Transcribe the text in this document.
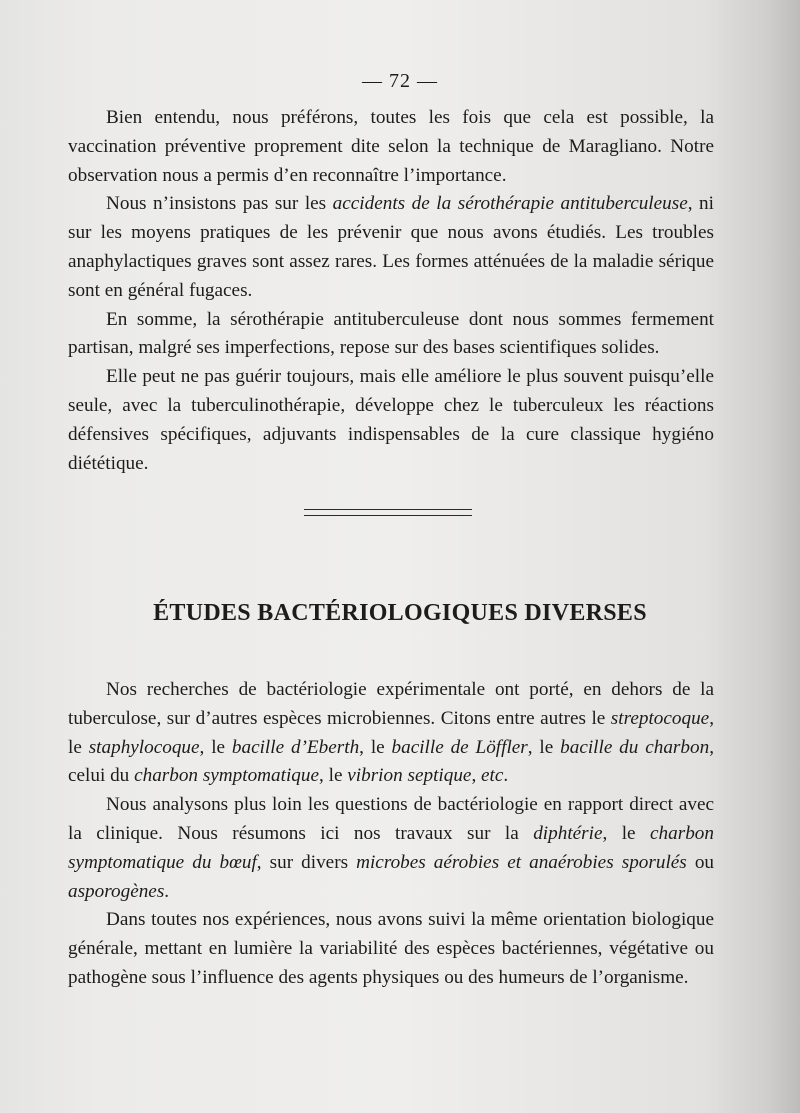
— 72 —

Bien entendu, nous préférons, toutes les fois que cela est possible, la vaccination préventive proprement dite selon la technique de Maragliano. Notre observation nous a permis d’en reconnaître l’importance.

Nous n’insistons pas sur les accidents de la sérothérapie antituberculeuse, ni sur les moyens pratiques de les prévenir que nous avons étudiés. Les troubles anaphylactiques graves sont assez rares. Les formes atténuées de la maladie sérique sont en général fugaces.

En somme, la sérothérapie antituberculeuse dont nous sommes fermement partisan, malgré ses imperfections, repose sur des bases scientifiques solides.

Elle peut ne pas guérir toujours, mais elle améliore le plus souvent puisqu’elle seule, avec la tuberculinothérapie, développe chez le tuberculeux les réactions défensives spécifiques, adjuvants indispensables de la cure classique hygiéno diététique.

ÉTUDES BACTÉRIOLOGIQUES DIVERSES

Nos recherches de bactériologie expérimentale ont porté, en dehors de la tuberculose, sur d’autres espèces microbiennes. Citons entre autres le streptocoque, le staphylocoque, le bacille d’Eberth, le bacille de Löffler, le bacille du charbon, celui du charbon symptomatique, le vibrion septique, etc.

Nous analysons plus loin les questions de bactériologie en rapport direct avec la clinique. Nous résumons ici nos travaux sur la diphtérie, le charbon symptomatique du bœuf, sur divers microbes aérobies et anaérobies sporulés ou asporogènes.

Dans toutes nos expériences, nous avons suivi la même orientation biologique générale, mettant en lumière la variabilité des espèces bactériennes, végétative ou pathogène sous l’influence des agents physiques ou des humeurs de l’organisme.
